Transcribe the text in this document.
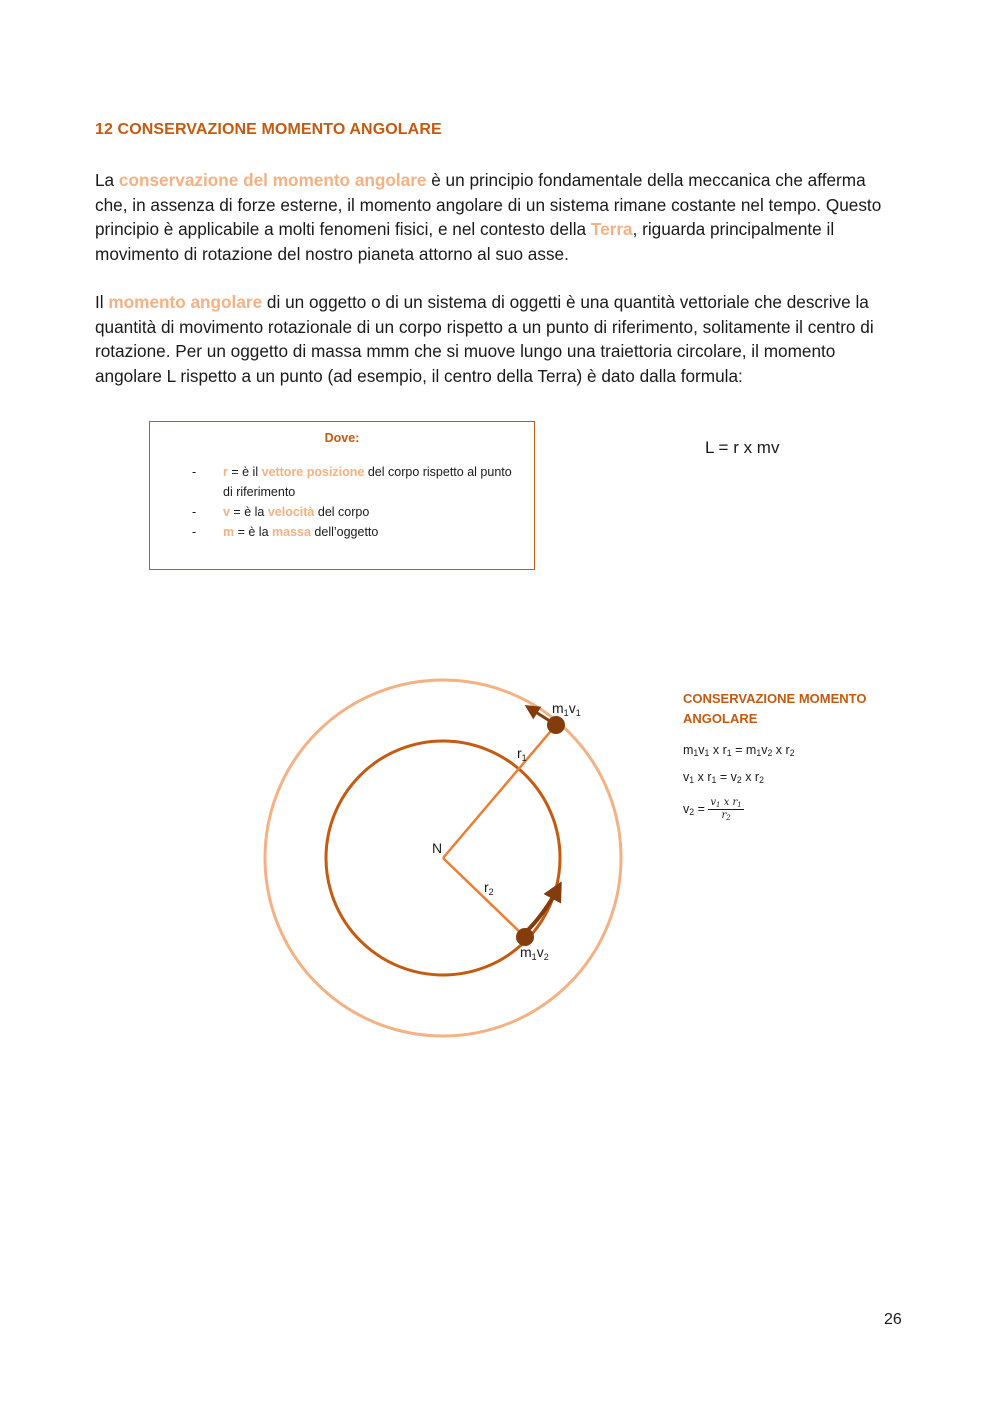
12 CONSERVAZIONE MOMENTO ANGOLARE

La conservazione del momento angolare è un principio fondamentale della meccanica che afferma che, in assenza di forze esterne, il momento angolare di un sistema rimane costante nel tempo. Questo principio è applicabile a molti fenomeni fisici, e nel contesto della Terra, riguarda principalmente il movimento di rotazione del nostro pianeta attorno al suo asse.

Il momento angolare di un oggetto o di un sistema di oggetti è una quantità vettoriale che descrive la quantità di movimento rotazionale di un corpo rispetto a un punto di riferimento, solitamente il centro di rotazione. Per un oggetto di massa mmm che si muove lungo una traiettoria circolare, il momento angolare L rispetto a un punto (ad esempio, il centro della Terra) è dato dalla formula:

Dove:
- r = è il vettore posizione del corpo rispetto al punto di riferimento
- v = è la velocità del corpo
- m = è la massa dell’oggetto
L = r x mv
N
$r_1$
$r_2$
$m_1v_1$
$m_1v_2$
CONSERVAZIONE MOMENTO ANGOLARE
$m_1v_1$ x $r_1 = m_1v_2$ x $r_2$
$v_1$ x $r_1 = v_2$ x $r_2$
$v_2 = \frac{v_1 x r_1}{r_2}$
26
